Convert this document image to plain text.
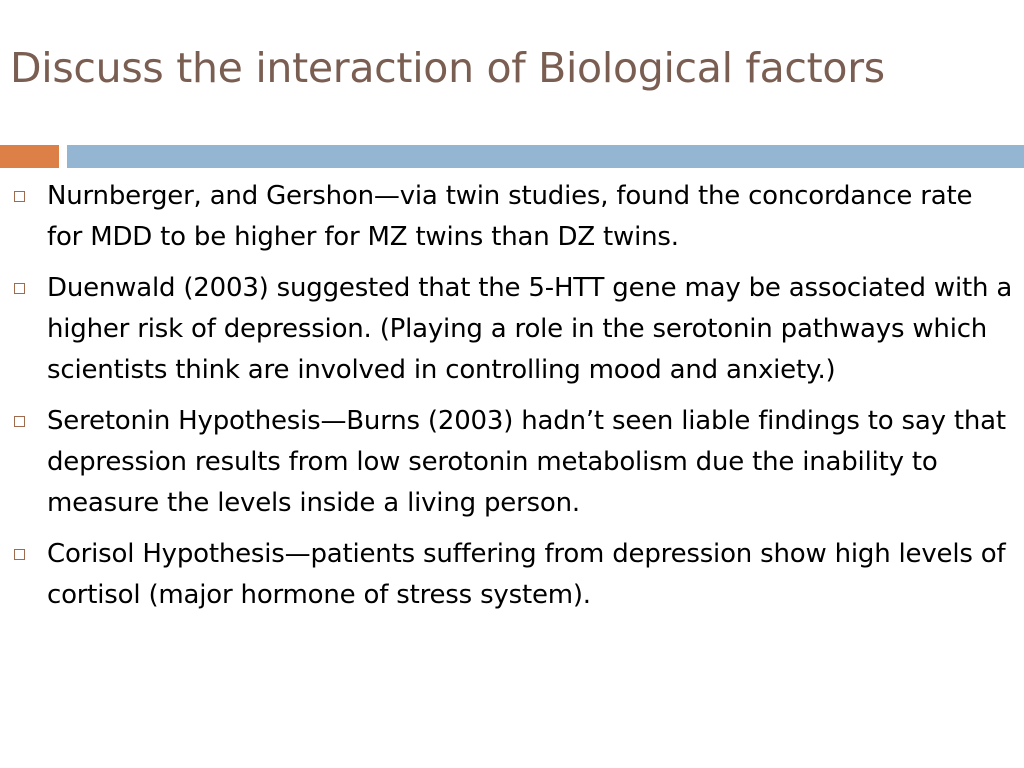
Discuss the interaction of Biological factors
Nurnberger, and Gershon—via twin studies, found the concordance rate for MDD to be higher for MZ twins than DZ twins.
Duenwald (2003) suggested that the 5-HTT gene may be associated with a higher risk of depression. (Playing a role in the serotonin pathways which scientists think are involved in controlling mood and anxiety.)
Seretonin Hypothesis—Burns (2003) hadn’t seen liable findings to say that depression results from low serotonin metabolism due the inability to measure the levels inside a living person.
Corisol Hypothesis—patients suffering from depression show high levels of cortisol (major hormone of stress system).
